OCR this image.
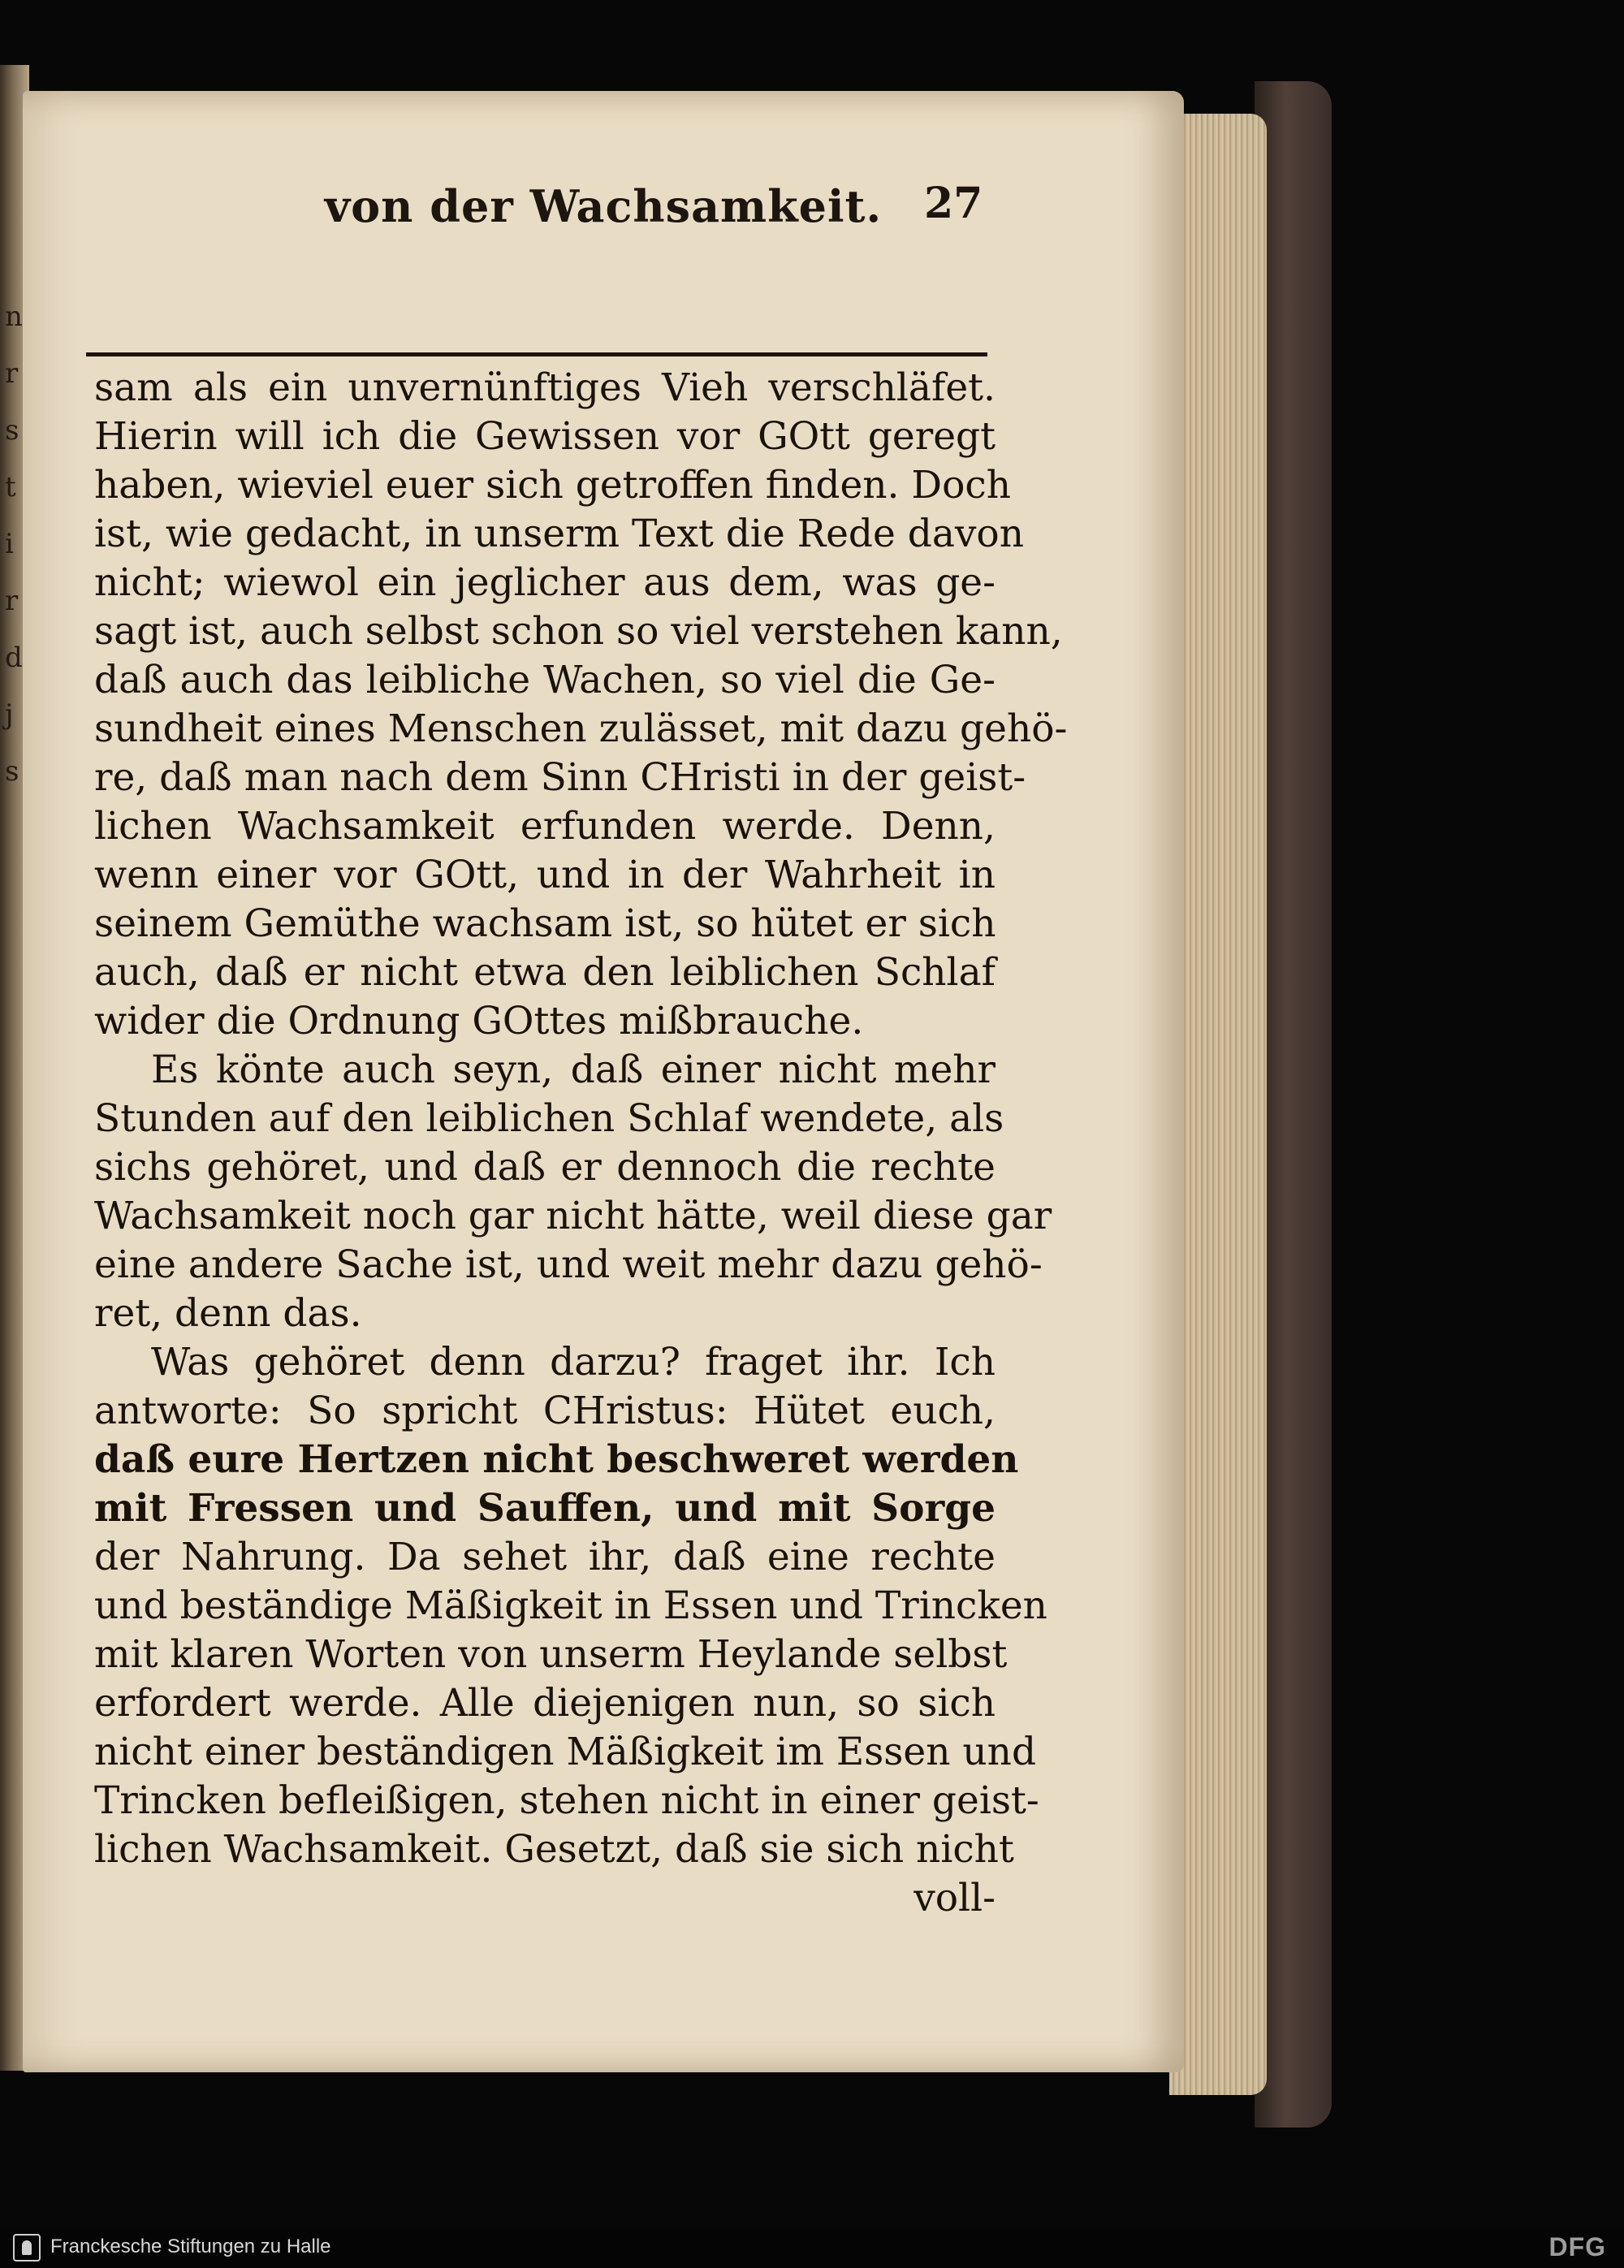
n
r
s
t
i
r
d
j
s
von der Wachsamkeit. 27
sam als ein unvernünftiges Vieh verschläfet.
Hierin will ich die Gewissen vor GOtt geregt
haben, wieviel euer sich getroffen finden. Doch
ist, wie gedacht, in unserm Text die Rede davon
nicht; wiewol ein jeglicher aus dem, was ge-
sagt ist, auch selbst schon so viel verstehen kann,
daß auch das leibliche Wachen, so viel die Ge-
sundheit eines Menschen zulässet, mit dazu gehö-
re, daß man nach dem Sinn CHristi in der geist-
lichen Wachsamkeit erfunden werde. Denn,
wenn einer vor GOtt, und in der Wahrheit in
seinem Gemüthe wachsam ist, so hütet er sich
auch, daß er nicht etwa den leiblichen Schlaf
wider die Ordnung GOttes mißbrauche.
Es könte auch seyn, daß einer nicht mehr
Stunden auf den leiblichen Schlaf wendete, als
sichs gehöret, und daß er dennoch die rechte
Wachsamkeit noch gar nicht hätte, weil diese gar
eine andere Sache ist, und weit mehr dazu gehö-
ret, denn das.
Was gehöret denn darzu? fraget ihr. Ich
antworte: So spricht CHristus: Hütet euch,
daß eure Hertzen nicht beschweret werden
mit Fressen und Sauffen, und mit Sorge
der Nahrung. Da sehet ihr, daß eine rechte
und beständige Mäßigkeit in Essen und Trincken
mit klaren Worten von unserm Heylande selbst
erfordert werde. Alle diejenigen nun, so sich
nicht einer beständigen Mäßigkeit im Essen und
Trincken befleißigen, stehen nicht in einer geist-
lichen Wachsamkeit. Gesetzt, daß sie sich nicht
voll-
Franckesche Stiftungen zu Halle	DFG
